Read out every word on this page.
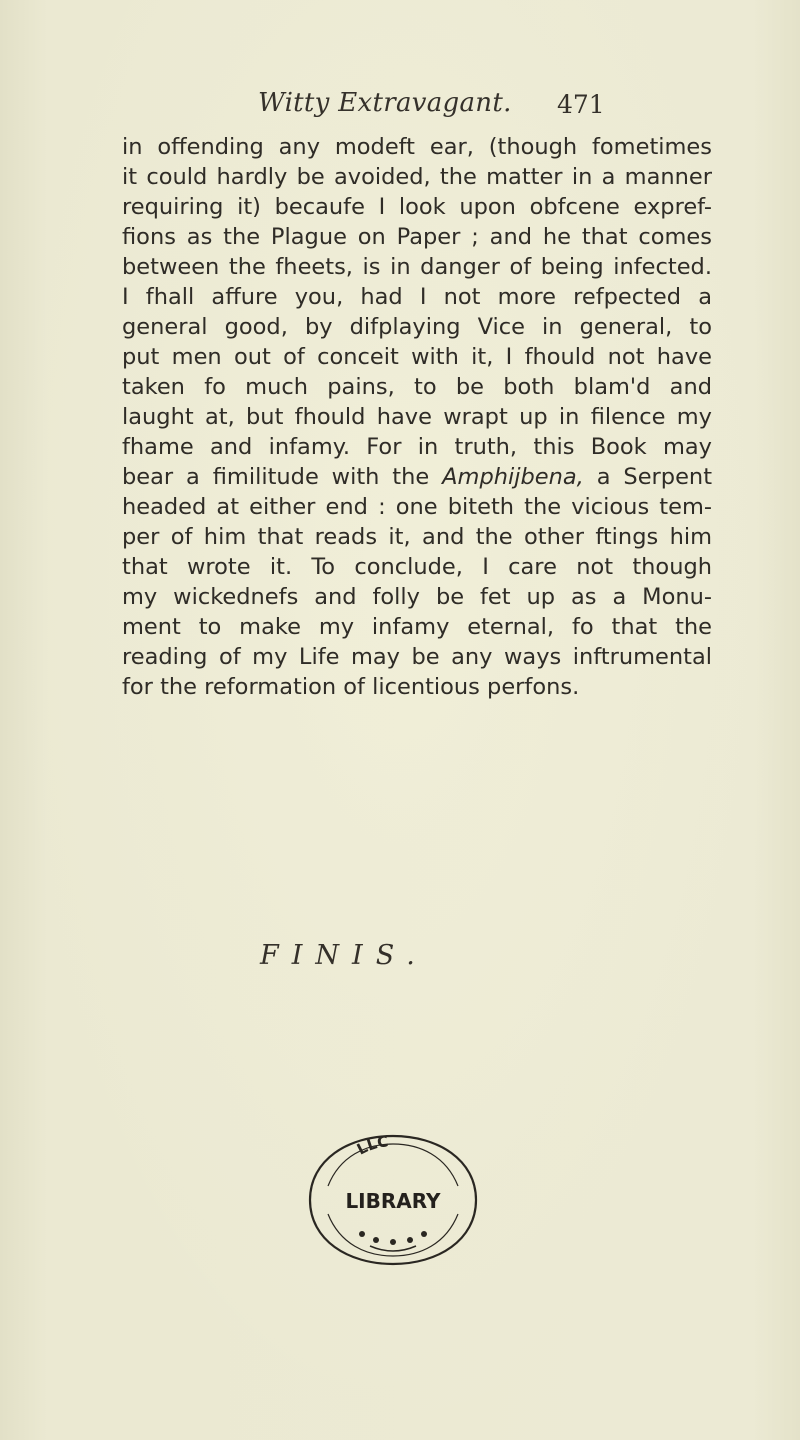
Witty Extravagant. 471
in offending any modeft ear, (though fometimes
it could hardly be avoided, the matter in a manner
requiring it) becaufe I look upon obfcene expref-
fions as the Plague on Paper ; and he that comes
between the fheets, is in danger of being infected.
I fhall affure you, had I not more refpected a
general good, by difplaying Vice in general, to
put men out of conceit with it, I fhould not have
taken fo much pains, to be both blam'd and
laught at, but fhould have wrapt up in filence my
fhame and infamy. For in truth, this Book may
bear a fimilitude with the Amphijbena, a Serpent
headed at either end : one biteth the vicious tem-
per of him that reads it, and the other ftings him
that wrote it. To conclude, I care not though
my wickednefs and folly be fet up as a Monu-
ment to make my infamy eternal, fo that the
reading of my Life may be any ways inftrumental
for the reformation of licentious perfons.
FINIS.
LLC
LIBRARY
